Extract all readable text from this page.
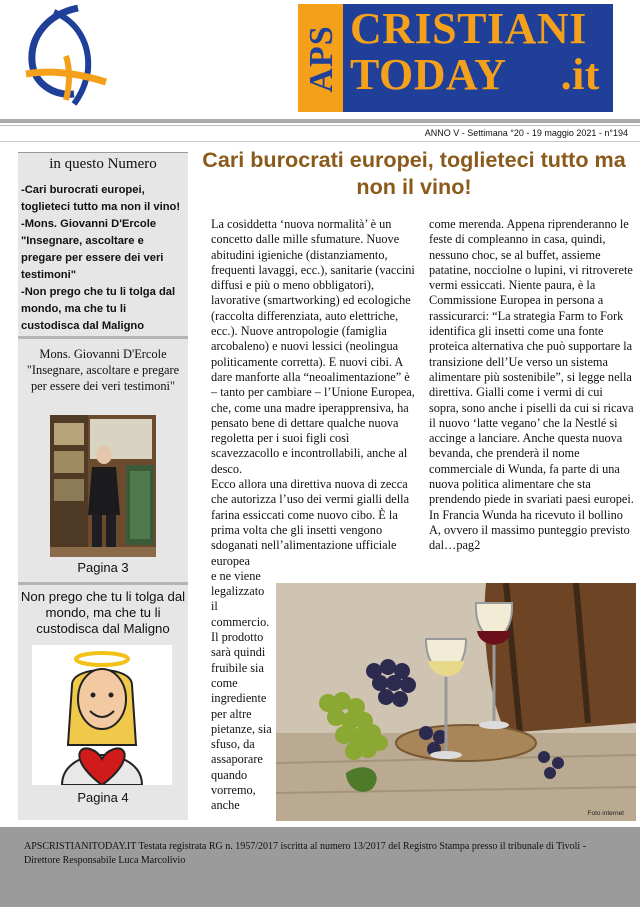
APS CRISTIANI
TODAY .it
ANNO V - Settimana °20 - 19 maggio 2021 - n°194
in questo Numero
-Cari burocrati europei, toglieteci tutto ma non il vino!
-Mons. Giovanni D'Ercole "Insegnare, ascoltare e pregare per essere dei veri testimoni"
-Non prego che tu li tolga dal mondo, ma che tu li custodisca dal Maligno
Mons. Giovanni D'Ercole "Insegnare, ascoltare e pregare per essere dei veri testimoni"
Pagina 3
Non prego che tu li tolga dal mondo, ma che tu li custodisca dal Maligno
Pagina 4
Cari burocrati europei, toglieteci tutto ma non il vino!

La cosiddetta ‘nuova normalità’ è un concetto dalle mille sfumature. Nuove abitudini igieniche (distanziamento, frequenti lavaggi, ecc.), sanitarie (vaccini diffusi e più o meno obbligatori), lavorative (smartworking) ed ecologiche (raccolta differenziata, auto elettriche, ecc.). Nuove antropologie (famiglia arcobaleno) e nuovi lessici (neolingua politicamente corretta). E nuovi cibi. A dare manforte alla “neoalimentazione” è – tanto per cambiare – l’Unione Europea, che, come una madre iperapprensiva, ha pensato bene di dettare qualche nuova regoletta per i suoi figli così scavezzacollo e incontrollabili, anche al desco.

Ecco allora una direttiva nuova di zecca che autorizza l’uso dei vermi gialli della farina essiccati come nuovo cibo. È la prima volta che gli insetti vengono sdoganati nell’alimentazione ufficiale europea

e ne viene legalizzato il commercio. Il prodotto sarà quindi fruibile sia come ingrediente per altre pietanze, sia sfuso, da assaporare quando vorremo, anche

come merenda. Appena riprenderanno le feste di compleanno in casa, quindi, nessuno choc, se al buffet, assieme patatine, nocciolne o lupini, vi ritroverete vermi essiccati. Niente paura, è la Commissione Europea in persona a rassicurarci: “La strategia Farm to Fork identifica gli insetti come una fonte proteica alternativa che può supportare la transizione dell’Ue verso un sistema alimentare più sostenibile”, si legge nella direttiva. Gialli come i vermi di cui sopra, sono anche i piselli da cui si ricava il nuovo ‘latte vegano’ che la Nestlé si accinge a lanciare. Anche questa nuova bevanda, che prenderà il nome commerciale di Wunda, fa parte di una nuova politica alimentare che sta prendendo piede in svariati paesi europei.

In Francia Wunda ha ricevuto il bollino A, ovvero il massimo punteggio previsto dal…pag2

Foto internet
APSCRISTIANITODAY.IT Testata registrata RG n. 1957/2017 iscritta al numero 13/2017 del Registro Stampa presso il tribunale di Tivoli - Direttore Responsabile Luca Marcolivio
